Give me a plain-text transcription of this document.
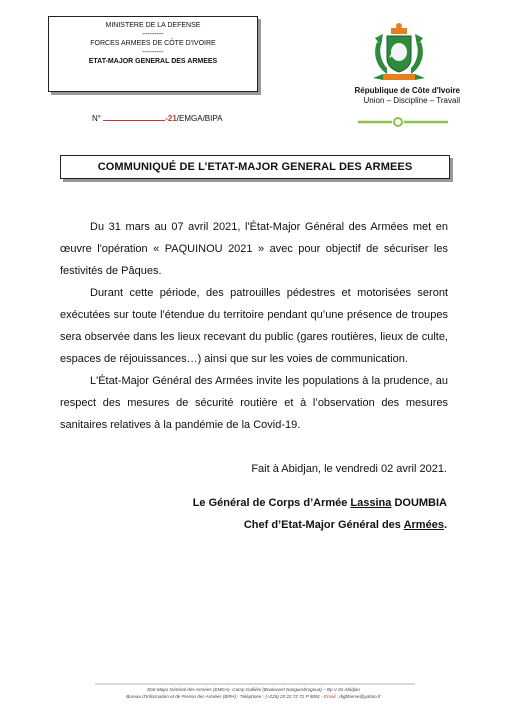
MINISTERE DE LA DEFENSE
---------
FORCES ARMEES DE CÔTE D'IVOIRE
---------
ETAT-MAJOR GENERAL DES ARMEES
République de Côte d'Ivoire
Union – Discipline – Travail
N°	-21/EMGA/BIPA
COMMUNIQUÉ DE L’ETAT-MAJOR GENERAL DES ARMEES

Du 31 mars au 07 avril 2021, l'État-Major Général des Armées met en œuvre l'opération « PAQUINOU 2021 » avec pour objectif de sécuriser les festivités de Pâques.

Durant cette période, des patrouilles pédestres et motorisées seront exécutées sur toute l'étendue du territoire pendant qu’une présence de troupes sera observée dans les lieux recevant du public (gares routières, lieux de culte, espaces de réjouissances…) ainsi que sur les voies de communication.

L'État-Major Général des Armées invite les populations à la prudence, au respect des mesures de sécurité routière et à l’observation des mesures sanitaires relatives à la pandémie de la Covid-19.

Fait à Abidjan, le vendredi 02 avril 2021.
Le Général de Corps d’Armée Lassina DOUMBIA
Chef d’Etat-Major Général des Armées.
Etat-Major Général des Armées (EMGA)- Camp Galliéni (Boulevard NanguiAbrogoua) – Bp V 01 Abidjan
Bureau d’Information et de Presse des Armées (BIPA) : Téléphone : (+225) 20 22 72 72 P 5891 - Email : digbherve@yahoo.fr
